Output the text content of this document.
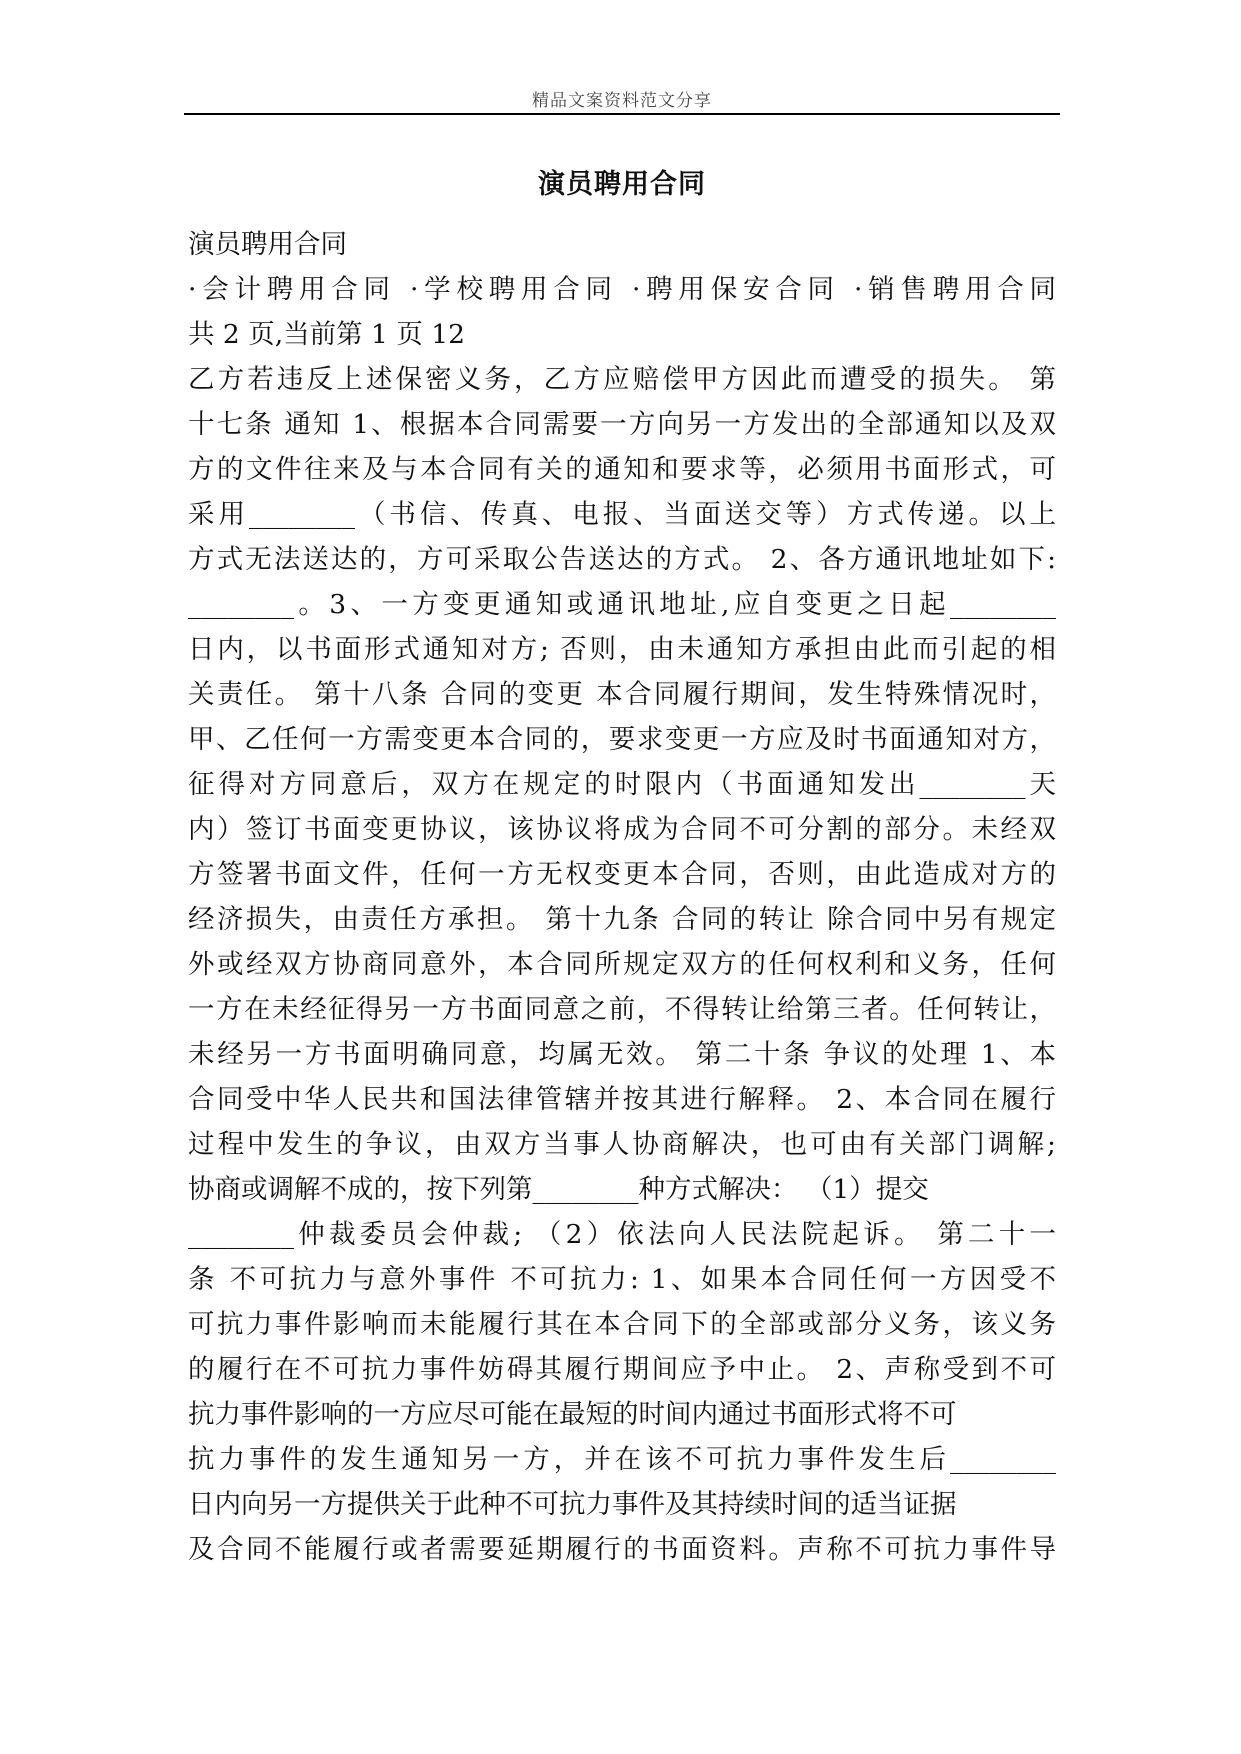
精品文案资料范文分享
演员聘用合同
演员聘用合同
·会计聘用合同 ·学校聘用合同 ·聘用保安合同 ·销售聘用合同
共 2 页,当前第 1 页 12
乙方若违反上述保密义务，乙方应赔偿甲方因此而遭受的损失。 第
十七条 通知 1、根据本合同需要一方向另一方发出的全部通知以及双
方的文件往来及与本合同有关的通知和要求等，必须用书面形式，可
采用________（书信、传真、电报、当面送交等）方式传递。以上
方式无法送达的，方可采取公告送达的方式。 2、各方通讯地址如下:
________。3、一方变更通知或通讯地址,应自变更之日起________
日内，以书面形式通知对方; 否则，由未通知方承担由此而引起的相
关责任。 第十八条 合同的变更 本合同履行期间，发生特殊情况时，
甲、乙任何一方需变更本合同的，要求变更一方应及时书面通知对方，
征得对方同意后，双方在规定的时限内（书面通知发出________天
内）签订书面变更协议，该协议将成为合同不可分割的部分。未经双
方签署书面文件，任何一方无权变更本合同，否则，由此造成对方的
经济损失，由责任方承担。 第十九条 合同的转让 除合同中另有规定
外或经双方协商同意外，本合同所规定双方的任何权利和义务，任何
一方在未经征得另一方书面同意之前，不得转让给第三者。任何转让，
未经另一方书面明确同意，均属无效。 第二十条 争议的处理 1、本
合同受中华人民共和国法律管辖并按其进行解释。 2、本合同在履行
过程中发生的争议，由双方当事人协商解决，也可由有关部门调解;
协商或调解不成的，按下列第________种方式解决： （1）提交
________仲裁委员会仲裁; （2）依法向人民法院起诉。 第二十一
条 不可抗力与意外事件 不可抗力: 1、如果本合同任何一方因受不
可抗力事件影响而未能履行其在本合同下的全部或部分义务，该义务
的履行在不可抗力事件妨碍其履行期间应予中止。 2、声称受到不可
抗力事件影响的一方应尽可能在最短的时间内通过书面形式将不可
抗力事件的发生通知另一方，并在该不可抗力事件发生后________
日内向另一方提供关于此种不可抗力事件及其持续时间的适当证据
及合同不能履行或者需要延期履行的书面资料。声称不可抗力事件导
